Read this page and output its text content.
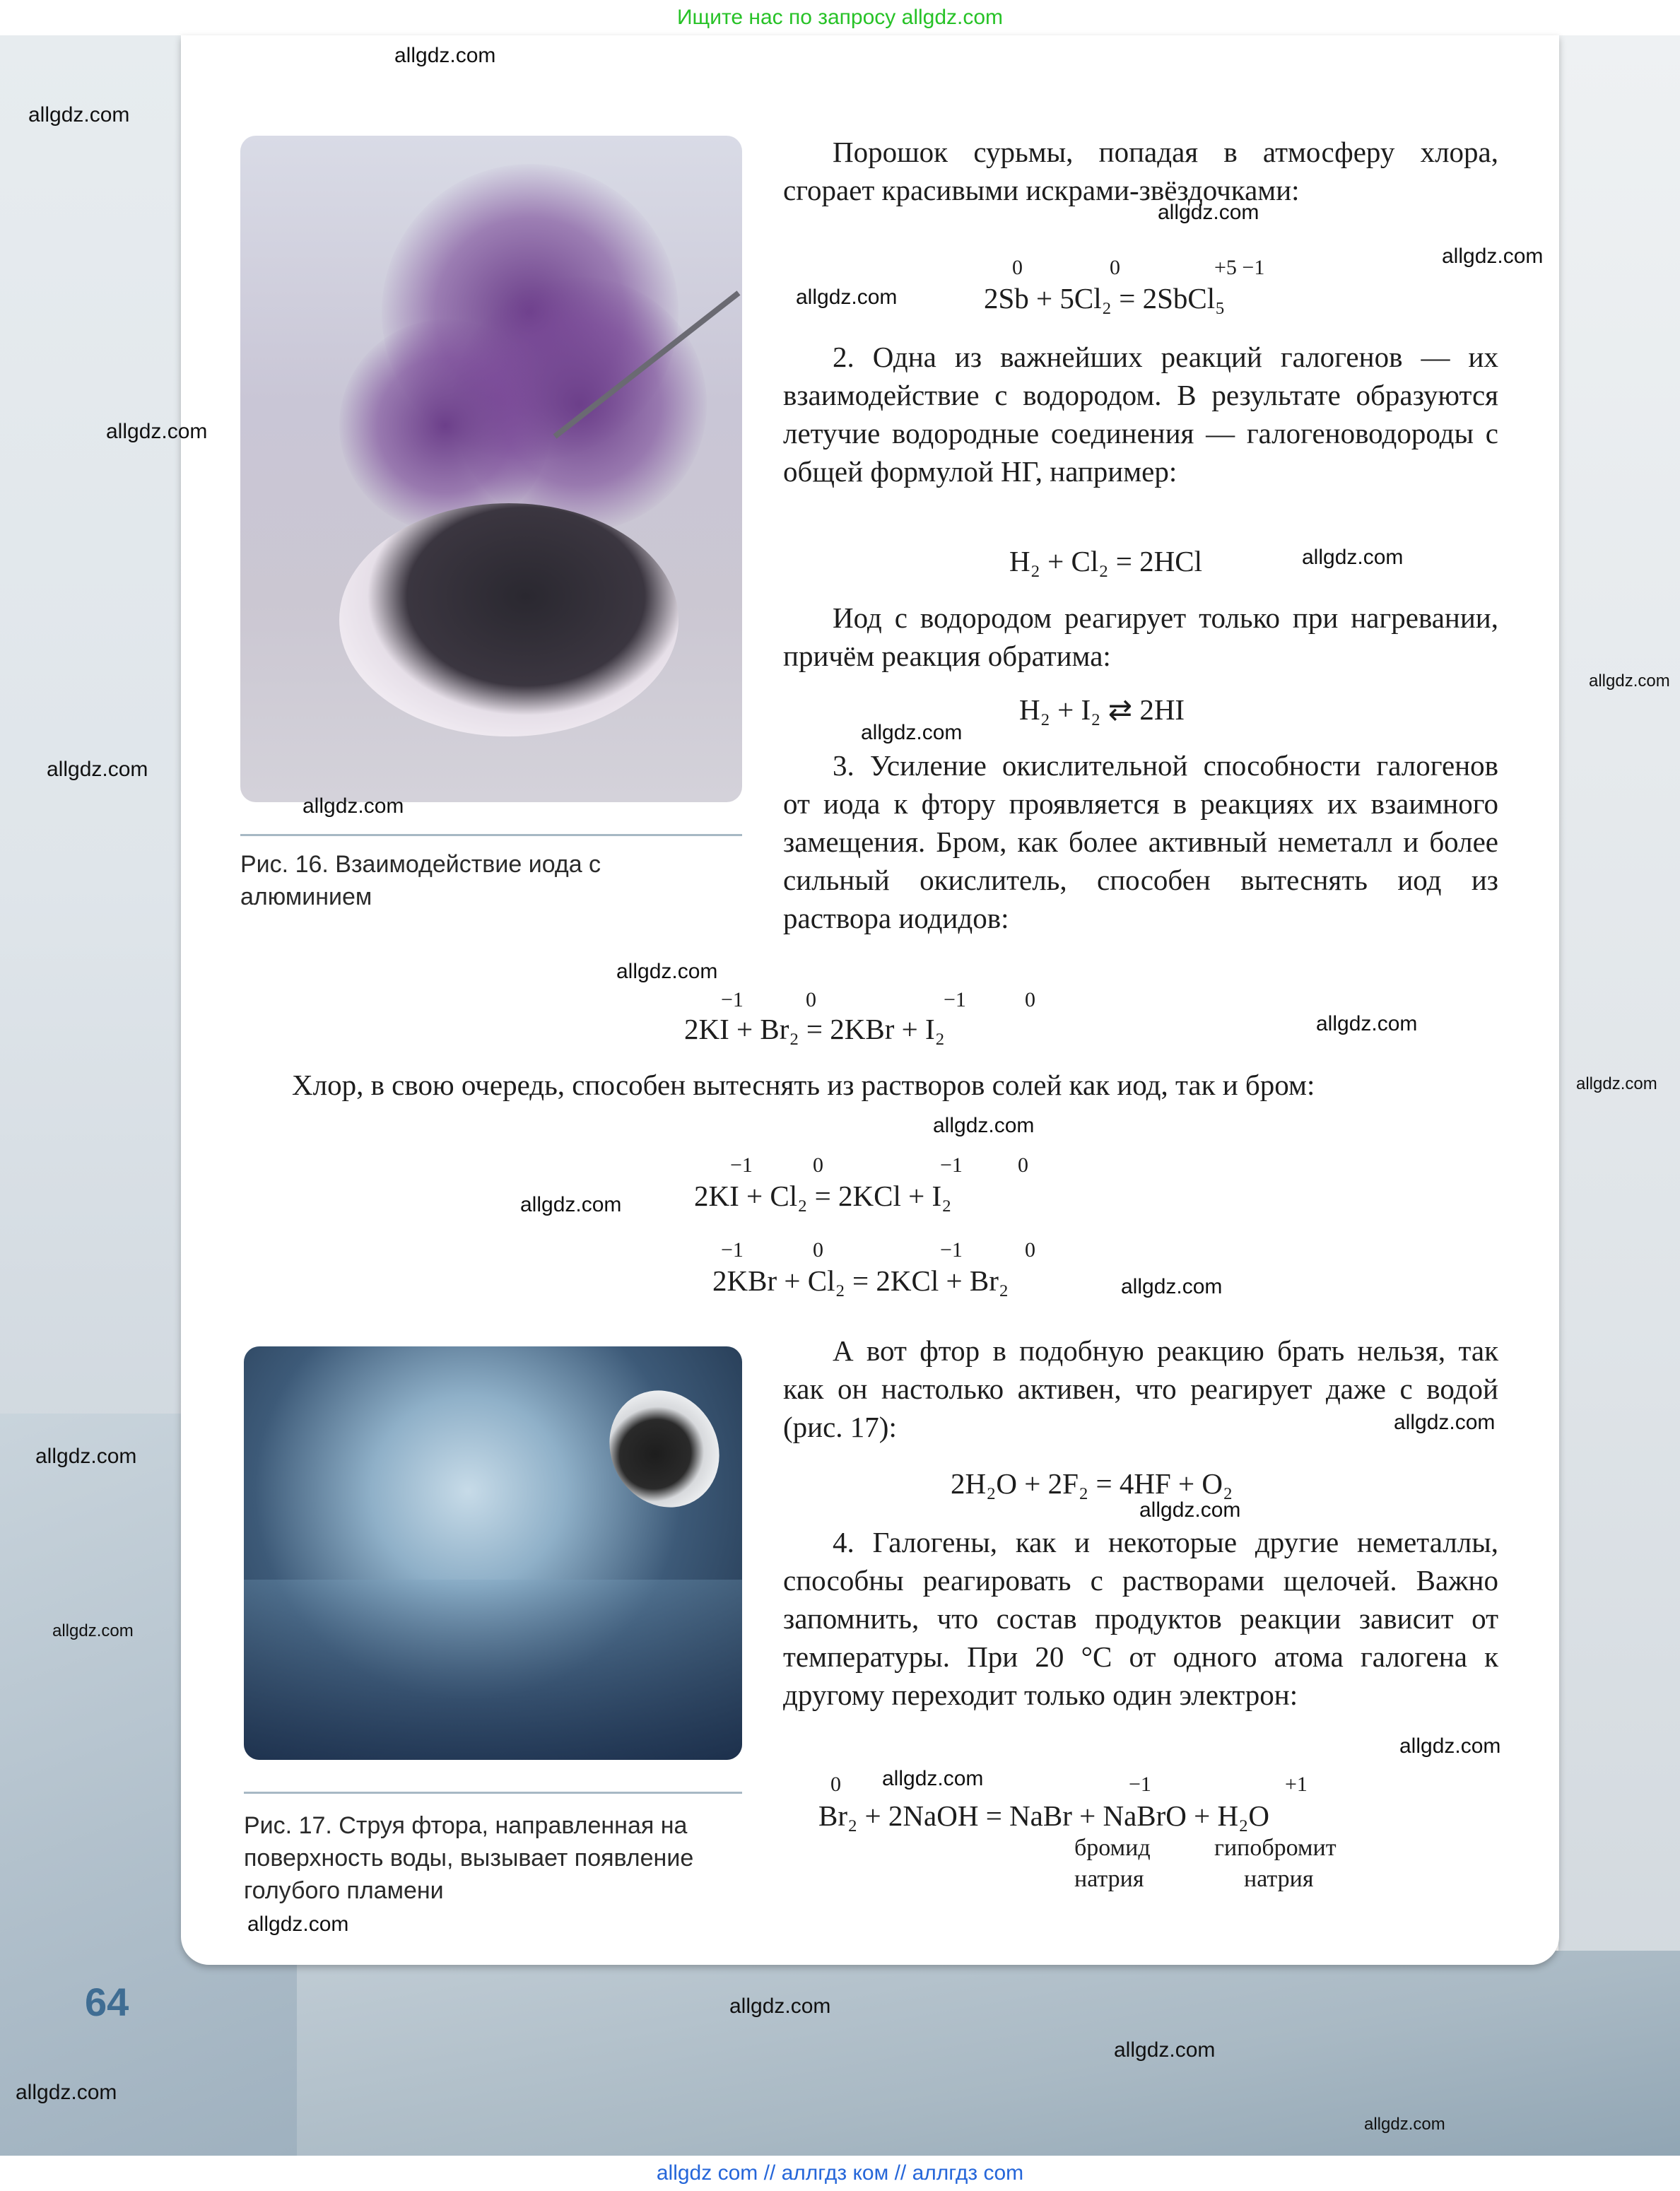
Ищите нас по запросу allgdz.com
Рис. 16. Взаимодействие иода с алюминием
Рис. 17. Струя фтора, направленная на поверхность воды, вызывает появление голубого пламени

Порошок сурьмы, попадая в атмосферу хлора, сгорает красивыми искрами-звёздочками:

0	0	+5 −1
2Sb + 5Cl₂ = 2SbCl₅

2. Одна из важнейших реакций галогенов — их взаимодействие с водородом. В результате образуются летучие водородные соединения — галогеноводороды с общей формулой НГ, например:

H₂ + Cl₂ = 2HCl

Иод с водородом реагирует только при нагревании, причём реакция обратима:

H₂ + I₂ ⇄ 2HI

3. Усиление окислительной способности галогенов от иода к фтору проявляется в реакциях их взаимного замещения. Бром, как более активный неметалл и более сильный окислитель, способен вытеснять иод из раствора иодидов:

−1	0	−1	0
2KI + Br₂ = 2KBr + I₂

Хлор, в свою очередь, способен вытеснять из растворов солей как иод, так и бром:

−1	0	−1	0
2KI + Cl₂ = 2KCl + I₂
−1	0	−1	0
2KBr + Cl₂ = 2KCl + Br₂

А вот фтор в подобную реакцию брать нельзя, так как он настолько активен, что реагирует даже с водой (рис. 17):

2H₂O + 2F₂ = 4HF + O₂

4. Галогены, как и некоторые другие неметаллы, способны реагировать с растворами щелочей. Важно запомнить, что состав продуктов реакции зависит от температуры. При 20 °С от одного атома галогена к другому переходит только один электрон:

0	−1	+1
Br₂ + 2NaOH = NaBr + NaBrO + H₂O
бромид	гипобромит
натрия	натрия
64
allgdz.com
allgdz.com
allgdz.com
allgdz.com
allgdz.com
allgdz.com
allgdz.com
allgdz.com
allgdz.com
allgdz.com
allgdz.com
allgdz.com
allgdz.com
allgdz.com
allgdz.com
allgdz.com
allgdz.com
allgdz.com
allgdz.com
allgdz.com
allgdz.com
allgdz.com
allgdz.com
allgdz.com
allgdz.com
allgdz.com
allgdz.com
allgdz.com
allgdz com // аллгдз ком // аллгдз com
